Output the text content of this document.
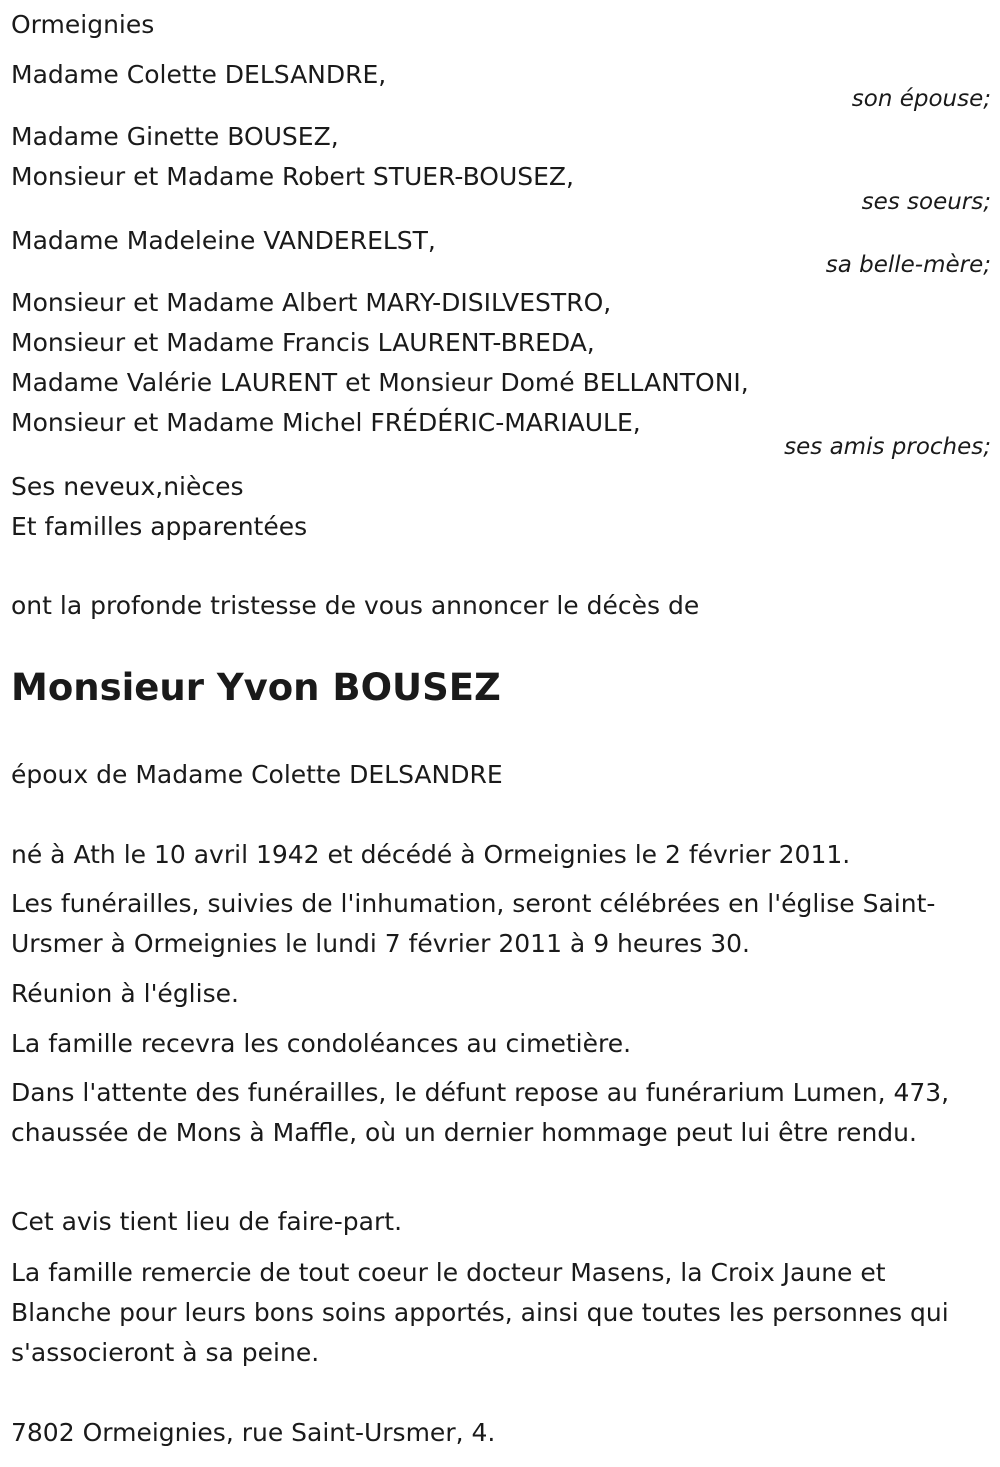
Ormeignies
Madame Colette DELSANDRE,
son épouse;
Madame Ginette BOUSEZ,
Monsieur et Madame Robert STUER-BOUSEZ,
ses soeurs;
Madame Madeleine VANDERELST,
sa belle-mère;
Monsieur et Madame Albert MARY-DISILVESTRO,
Monsieur et Madame Francis LAURENT-BREDA,
Madame Valérie LAURENT et Monsieur Domé BELLANTONI,
Monsieur et Madame Michel FRÉDÉRIC-MARIAULE,
ses amis proches;
Ses neveux,nièces
Et familles apparentées
ont la profonde tristesse de vous annoncer le décès de
Monsieur Yvon BOUSEZ
époux de Madame Colette DELSANDRE
né à Ath le 10 avril 1942 et décédé à Ormeignies le 2 février 2011.
Les funérailles, suivies de l'inhumation, seront célébrées en l'église Saint-Ursmer à Ormeignies le lundi 7 février 2011 à 9 heures 30.
Réunion à l'église.
La famille recevra les condoléances au cimetière.
Dans l'attente des funérailles, le défunt repose au funérarium Lumen, 473, chaussée de Mons à Maffle, où un dernier hommage peut lui être rendu.
Cet avis tient lieu de faire-part.
La famille remercie de tout coeur le docteur Masens, la Croix Jaune et Blanche pour leurs bons soins apportés, ainsi que toutes les personnes qui s'associeront à sa peine.
7802 Ormeignies, rue Saint-Ursmer, 4.
